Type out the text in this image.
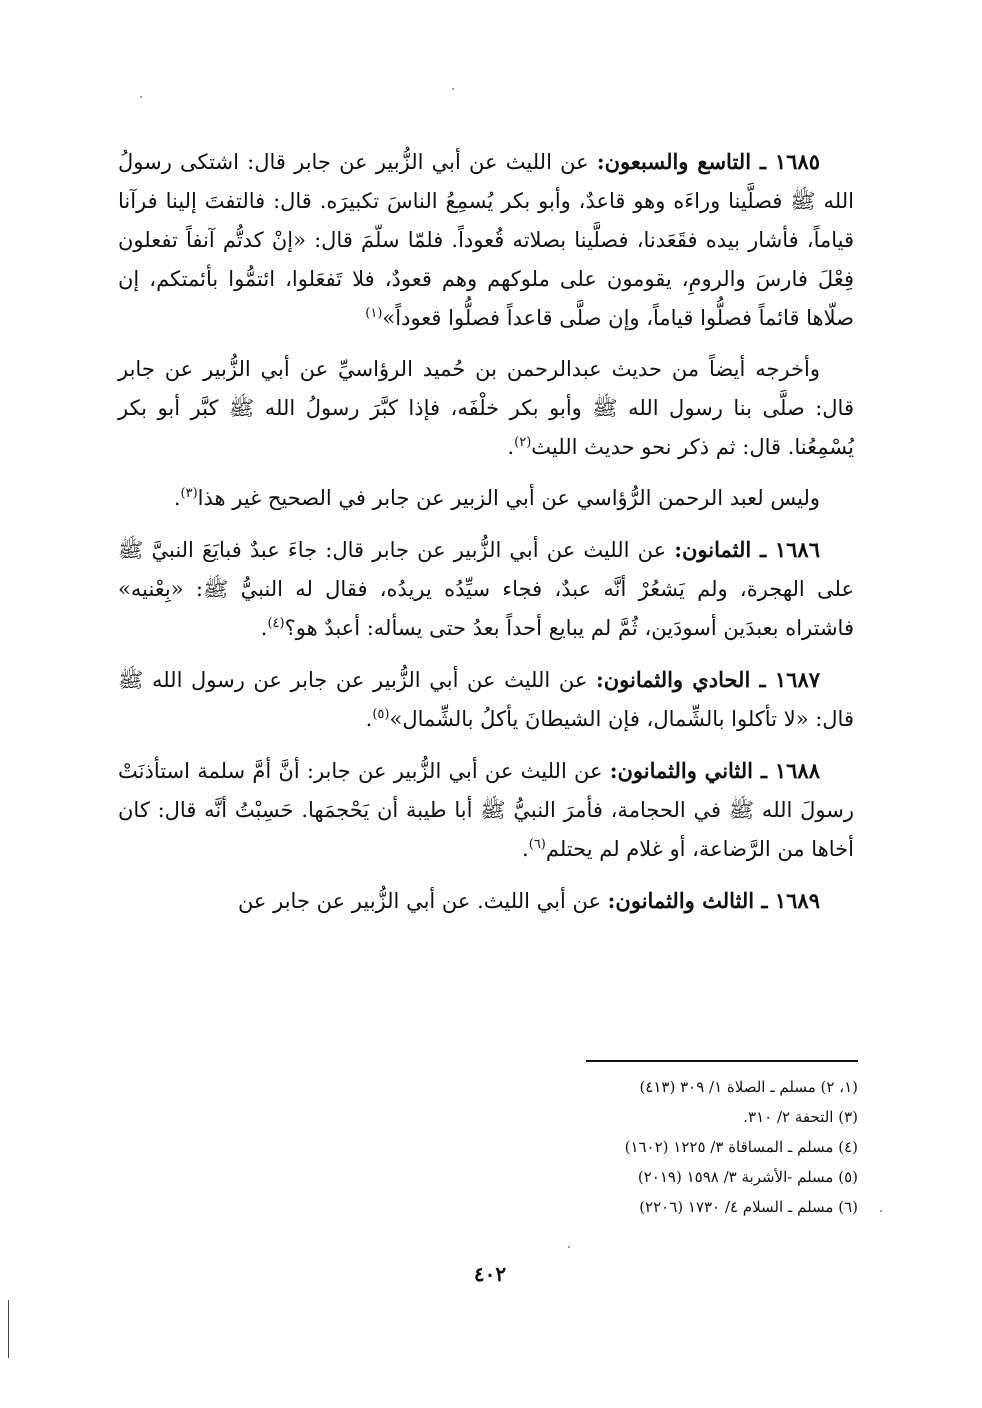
١٦٨٥ ـ التاسع والسبعون: عن الليث عن أبي الزُّبير عن جابر قال: اشتكى رسولُ الله ﷺ فصلَّينا وراءَه وهو قاعدٌ، وأبو بكر يُسمِعُ الناسَ تكبيرَه. قال: فالتفتَ إلينا فرآنا قياماً، فأشار بيده فقَعَدنا، فصلَّينا بصلاته قُعوداً. فلمّا سلّمَ قال: «إنْ كدتُّم آنفاً تفعلون فِعْلَ فارسَ والرومِ، يقومون على ملوكهم وهم قعودٌ، فلا تَفعَلوا، ائتمُّوا بأئمتكم، إن صلّاها قائماً فصلُّوا قياماً، وإن صلَّى قاعداً فصلُّوا قعوداً»$^{(١)}$

وأخرجه أيضاً من حديث عبدالرحمن بن حُميد الرؤاسيِّ عن أبي الزُّبير عن جابر قال: صلَّى بنا رسول الله ﷺ وأبو بكر خلْفَه، فإذا كبَّرَ رسولُ الله ﷺ كبَّر أبو بكر يُسْمِعُنا. قال: ثم ذكر نحو حديث الليث$^{(٢)}$.

وليس لعبد الرحمن الرُّؤاسي عن أبي الزبير عن جابر في الصحيح غير هذا$^{(٣)}$.

١٦٨٦ ـ الثمانون: عن الليث عن أبي الزُّبير عن جابر قال: جاءَ عبدٌ فبايَعَ النبيَّ ﷺ على الهجرة، ولم يَشعُرْ أنَّه عبدٌ، فجاء سيِّدُه يريدُه، فقال له النبيُّ ﷺ: «بِعْنيه» فاشتراه بعبدَين أسودَين، ثُمَّ لم يبايع أحداً بعدُ حتى يسأله: أعبدٌ هو؟$^{(٤)}$.

١٦٨٧ ـ الحادي والثمانون: عن الليث عن أبي الزُّبير عن جابر عن رسول الله ﷺ قال: «لا تأكلوا بالشِّمال، فإن الشيطانَ يأكلُ بالشِّمال»$^{(٥)}$.

١٦٨٨ ـ الثاني والثمانون: عن الليث عن أبي الزُّبير عن جابر: أنَّ أمَّ سلمة استأذنَتْ رسولَ الله ﷺ في الحجامة، فأمرَ النبيُّ ﷺ أبا طيبة أن يَحْجمَها. حَسِبْتُ أنَّه قال: كان أخاها من الرَّضاعة، أو غلام لم يحتلم$^{(٦)}$.

١٦٨٩ ـ الثالث والثمانون: عن أبي الليث. عن أبي الزُّبير عن جابر عن

(١، ٢) مسلم ـ الصلاة ١/ ٣٠٩ (٤١٣)

(٣) التحفة ٢/ ٣١٠.

(٤) مسلم ـ المساقاة ٣/ ١٢٢٥ (١٦٠٢)

(٥) مسلم -الأشربة ٣/ ١٥٩٨ (٢٠١٩)

(٦) مسلم ـ السلام ٤/ ١٧٣٠ (٢٢٠٦)

٤٠٢
